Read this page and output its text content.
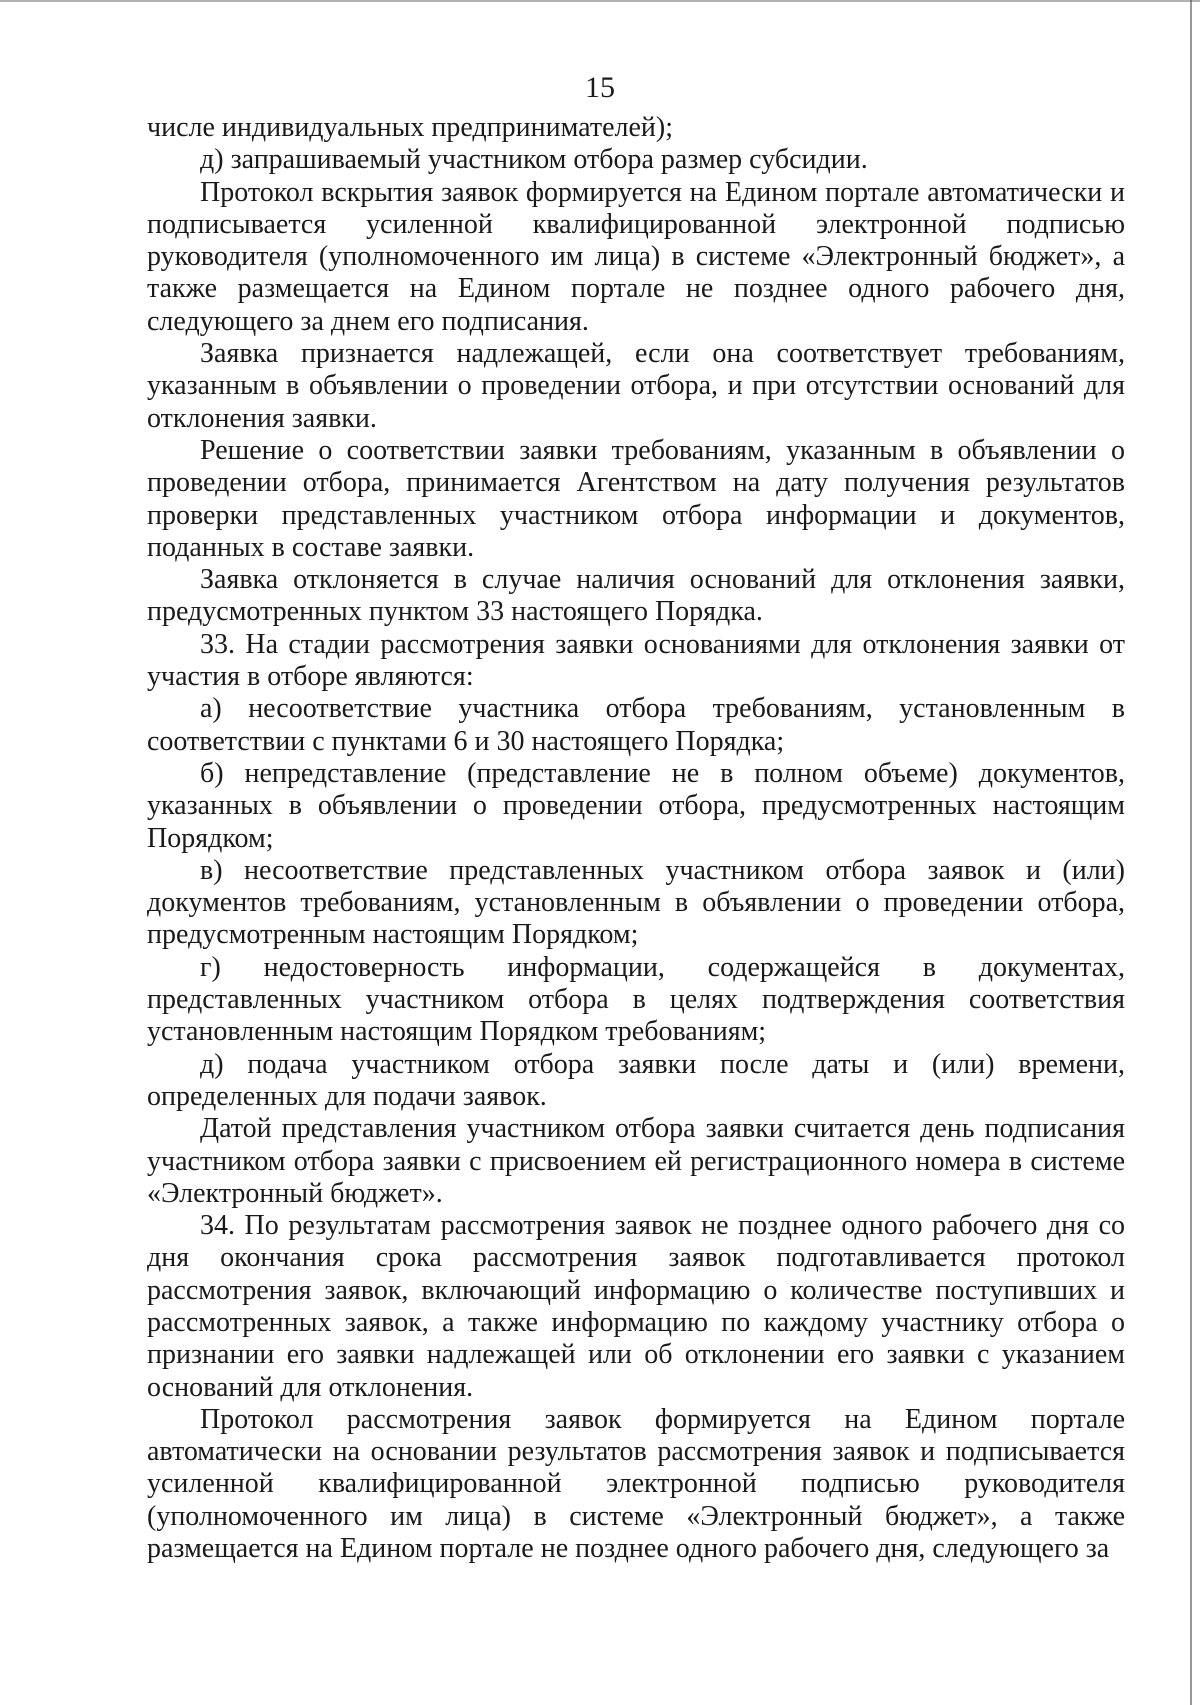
15

числе индивидуальных предпринимателей);

д) запрашиваемый участником отбора размер субсидии.

Протокол вскрытия заявок формируется на Едином портале автоматически и подписывается усиленной квалифицированной электронной подписью руководителя (уполномоченного им лица) в системе «Электронный бюджет», а также размещается на Едином портале не позднее одного рабочего дня, следующего за днем его подписания.

Заявка признается надлежащей, если она соответствует требованиям, указанным в объявлении о проведении отбора, и при отсутствии оснований для отклонения заявки.

Решение о соответствии заявки требованиям, указанным в объявлении о проведении отбора, принимается Агентством на дату получения результатов проверки представленных участником отбора информации и документов, поданных в составе заявки.

Заявка отклоняется в случае наличия оснований для отклонения заявки, предусмотренных пунктом 33 настоящего Порядка.

33. На стадии рассмотрения заявки основаниями для отклонения заявки от участия в отборе являются:

а) несоответствие участника отбора требованиям, установленным в соответствии с пунктами 6 и 30 настоящего Порядка;

б) непредставление (представление не в полном объеме) документов, указанных в объявлении о проведении отбора, предусмотренных настоящим Порядком;

в) несоответствие представленных участником отбора заявок и (или) документов требованиям, установленным в объявлении о проведении отбора, предусмотренным настоящим Порядком;

г) недостоверность информации, содержащейся в документах, представленных участником отбора в целях подтверждения соответствия установленным настоящим Порядком требованиям;

д) подача участником отбора заявки после даты и (или) времени, определенных для подачи заявок.

Датой представления участником отбора заявки считается день подписания участником отбора заявки с присвоением ей регистрационного номера в системе «Электронный бюджет».

34. По результатам рассмотрения заявок не позднее одного рабочего дня со дня окончания срока рассмотрения заявок подготавливается протокол рассмотрения заявок, включающий информацию о количестве поступивших и рассмотренных заявок, а также информацию по каждому участнику отбора о признании его заявки надлежащей или об отклонении его заявки с указанием оснований для отклонения.

Протокол рассмотрения заявок формируется на Едином портале автоматически на основании результатов рассмотрения заявок и подписывается усиленной квалифицированной электронной подписью руководителя (уполномоченного им лица) в системе «Электронный бюджет», а также размещается на Едином портале не позднее одного рабочего дня, следующего за
